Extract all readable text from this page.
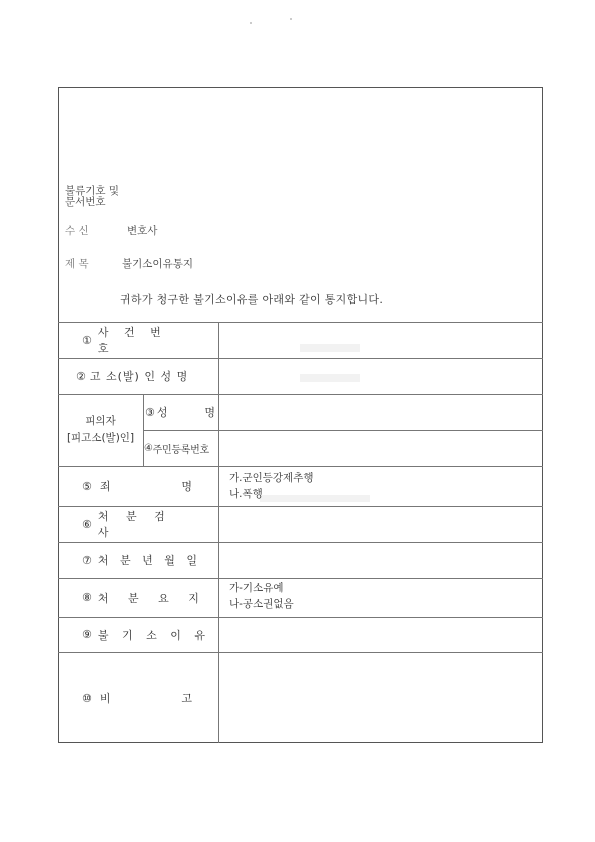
불류기호 및
문서번호
수 신	변호사
제 목	불기소이유통지
귀하가 청구한 불기소이유를 아래와 같이 통지합니다.
①
사 건 번 호
② 고 소(발) 인 성 명
피의자
[피고소(발)인]
③ 성	명
④ 주민등록번호
⑤ 죄	명
가.군인등강제추행
나.폭행
⑥
처 분 검 사
⑦ 처 분 년 월 일
⑧ 처 분 요 지
가-기소유예
나-공소권없음
⑨ 불 기 소 이 유
⑩ 비	고
